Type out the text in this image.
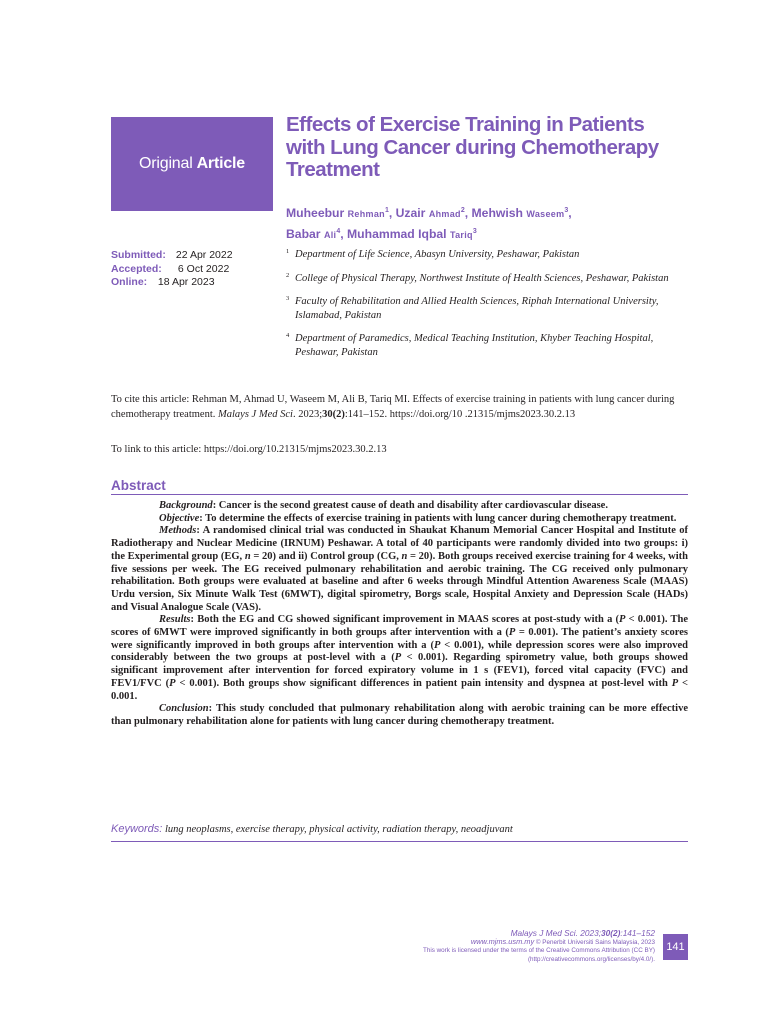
Original Article
Effects of Exercise Training in Patients with Lung Cancer during Chemotherapy Treatment
Muheebur Rehman$^1$, Uzair Ahmad$^2$, Mehwish Waseem$^3$,
Babar Ali$^4$, Muhammad Iqbal Tariq$^3$
Submitted: 22 Apr 2022
Accepted: 6 Oct 2022
Online: 18 Apr 2023
1 Department of Life Science, Abasyn University, Peshawar, Pakistan
2 College of Physical Therapy, Northwest Institute of Health Sciences, Peshawar, Pakistan
3 Faculty of Rehabilitation and Allied Health Sciences, Riphah International University, Islamabad, Pakistan
4 Department of Paramedics, Medical Teaching Institution, Khyber Teaching Hospital, Peshawar, Pakistan
To cite this article: Rehman M, Ahmad U, Waseem M, Ali B, Tariq MI. Effects of exercise training in patients with lung cancer during chemotherapy treatment. Malays J Med Sci. 2023;30(2):141–152. https://doi.org/10 .21315/mjms2023.30.2.13
To link to this article: https://doi.org/10.21315/mjms2023.30.2.13
Abstract

Background: Cancer is the second greatest cause of death and disability after cardiovascular disease.

Objective: To determine the effects of exercise training in patients with lung cancer during chemotherapy treatment.

Methods: A randomised clinical trial was conducted in Shaukat Khanum Memorial Cancer Hospital and Institute of Radiotherapy and Nuclear Medicine (IRNUM) Peshawar. A total of 40 participants were randomly divided into two groups: i) the Experimental group (EG, n = 20) and ii) Control group (CG, n = 20). Both groups received exercise training for 4 weeks, with five sessions per week. The EG received pulmonary rehabilitation and aerobic training. The CG received only pulmonary rehabilitation. Both groups were evaluated at baseline and after 6 weeks through Mindful Attention Awareness Scale (MAAS) Urdu version, Six Minute Walk Test (6MWT), digital spirometry, Borgs scale, Hospital Anxiety and Depression Scale (HADs) and Visual Analogue Scale (VAS).

Results: Both the EG and CG showed significant improvement in MAAS scores at post-study with a (P < 0.001). The scores of 6MWT were improved significantly in both groups after intervention with a (P = 0.001). The patient’s anxiety scores were significantly improved in both groups after intervention with a (P < 0.001), while depression scores were also improved considerably between the two groups at post-level with a (P < 0.001). Regarding spirometry value, both groups showed significant improvement after intervention for forced expiratory volume in 1 s (FEV1), forced vital capacity (FVC) and FEV1/FVC (P < 0.001). Both groups show significant differences in patient pain intensity and dyspnea at post-level with P < 0.001.

Conclusion: This study concluded that pulmonary rehabilitation along with aerobic training can be more effective than pulmonary rehabilitation alone for patients with lung cancer during chemotherapy treatment.

Keywords: lung neoplasms, exercise therapy, physical activity, radiation therapy, neoadjuvant
Malays J Med Sci. 2023;30(2):141–152
www.mjms.usm.my © Penerbit Universiti Sains Malaysia, 2023
This work is licensed under the terms of the Creative Commons Attribution (CC BY)
(http://creativecommons.org/licenses/by/4.0/).
141
